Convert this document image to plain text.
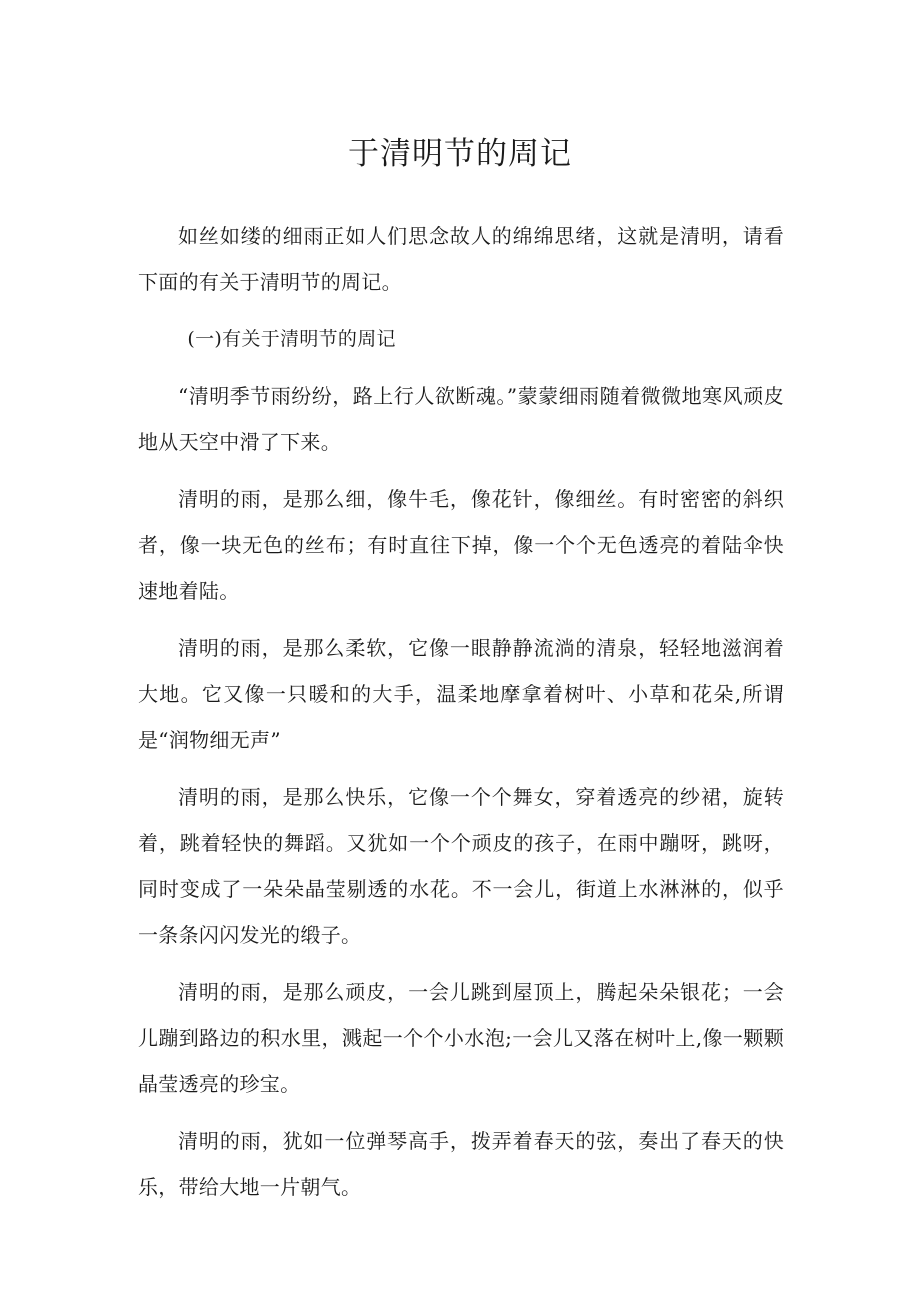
于清明节的周记

如丝如缕的细雨正如人们思念故人的绵绵思绪，这就是清明，请看下面的有关于清明节的周记。

(一)有关于清明节的周记

“清明季节雨纷纷，路上行人欲断魂。”蒙蒙细雨随着微微地寒风顽皮地从天空中滑了下来。

清明的雨，是那么细，像牛毛，像花针，像细丝。有时密密的斜织者，像一块无色的丝布；有时直往下掉，像一个个无色透亮的着陆伞快速地着陆。

清明的雨，是那么柔软，它像一眼静静流淌的清泉，轻轻地滋润着大地。它又像一只暖和的大手，温柔地摩拿着树叶、小草和花朵,所谓是“润物细无声”

清明的雨，是那么快乐，它像一个个舞女，穿着透亮的纱裙，旋转着，跳着轻快的舞蹈。又犹如一个个顽皮的孩子，在雨中蹦呀，跳呀，同时变成了一朵朵晶莹剔透的水花。不一会儿，街道上水淋淋的，似乎一条条闪闪发光的缎子。

清明的雨，是那么顽皮，一会儿跳到屋顶上，腾起朵朵银花；一会儿蹦到路边的积水里，溅起一个个小水泡;一会儿又落在树叶上,像一颗颗晶莹透亮的珍宝。

清明的雨，犹如一位弹琴高手，拨弄着春天的弦，奏出了春天的快乐，带给大地一片朝气。
